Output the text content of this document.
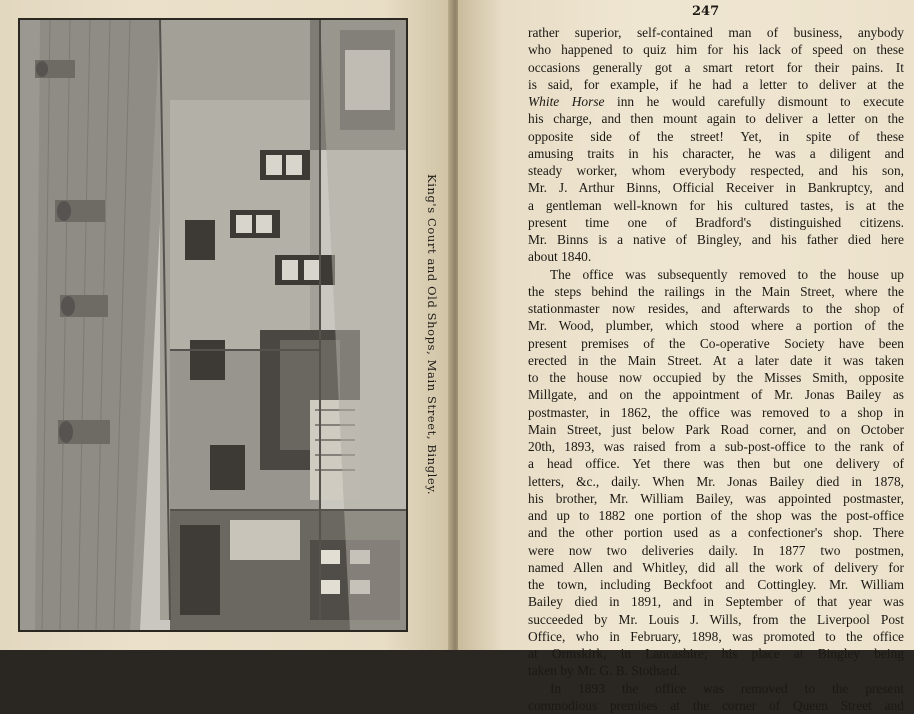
King's Court and Old Shops, Main Street, Bingley.
247
rather superior, self-contained man of business, anybody
who happened to quiz him for his lack of speed on these
occasions generally got a smart retort for their pains. It
is said, for example, if he had a letter to deliver at the
White Horse inn he would carefully dismount to execute
his charge, and then mount again to deliver a letter on the
opposite side of the street! Yet, in spite of these
amusing traits in his character, he was a diligent and
steady worker, whom everybody respected, and his son,
Mr. J. Arthur Binns, Official Receiver in Bankruptcy, and
a gentleman well-known for his cultured tastes, is at the
present time one of Bradford's distinguished citizens.
Mr. Binns is a native of Bingley, and his father died here
about 1840.
The office was subsequently removed to the house up
the steps behind the railings in the Main Street, where the
stationmaster now resides, and afterwards to the shop of
Mr. Wood, plumber, which stood where a portion of the
present premises of the Co-operative Society have been
erected in the Main Street. At a later date it was taken
to the house now occupied by the Misses Smith, opposite
Millgate, and on the appointment of Mr. Jonas Bailey as
postmaster, in 1862, the office was removed to a shop in
Main Street, just below Park Road corner, and on October
20th, 1893, was raised from a sub-post-office to the rank of
a head office. Yet there was then but one delivery of
letters, &c., daily. When Mr. Jonas Bailey died in 1878,
his brother, Mr. William Bailey, was appointed postmaster,
and up to 1882 one portion of the shop was the post-office
and the other portion used as a confectioner's shop. There
were now two deliveries daily. In 1877 two postmen,
named Allen and Whitley, did all the work of delivery for
the town, including Beckfoot and Cottingley. Mr. William
Bailey died in 1891, and in September of that year was
succeeded by Mr. Louis J. Wills, from the Liverpool Post
Office, who in February, 1898, was promoted to the office
at Ormskirk, in Lancashire; his place at Bingley being
taken by Mr. G. B. Stothard.
In 1893 the office was removed to the present
commodious premises at the corner of Queen Street and
